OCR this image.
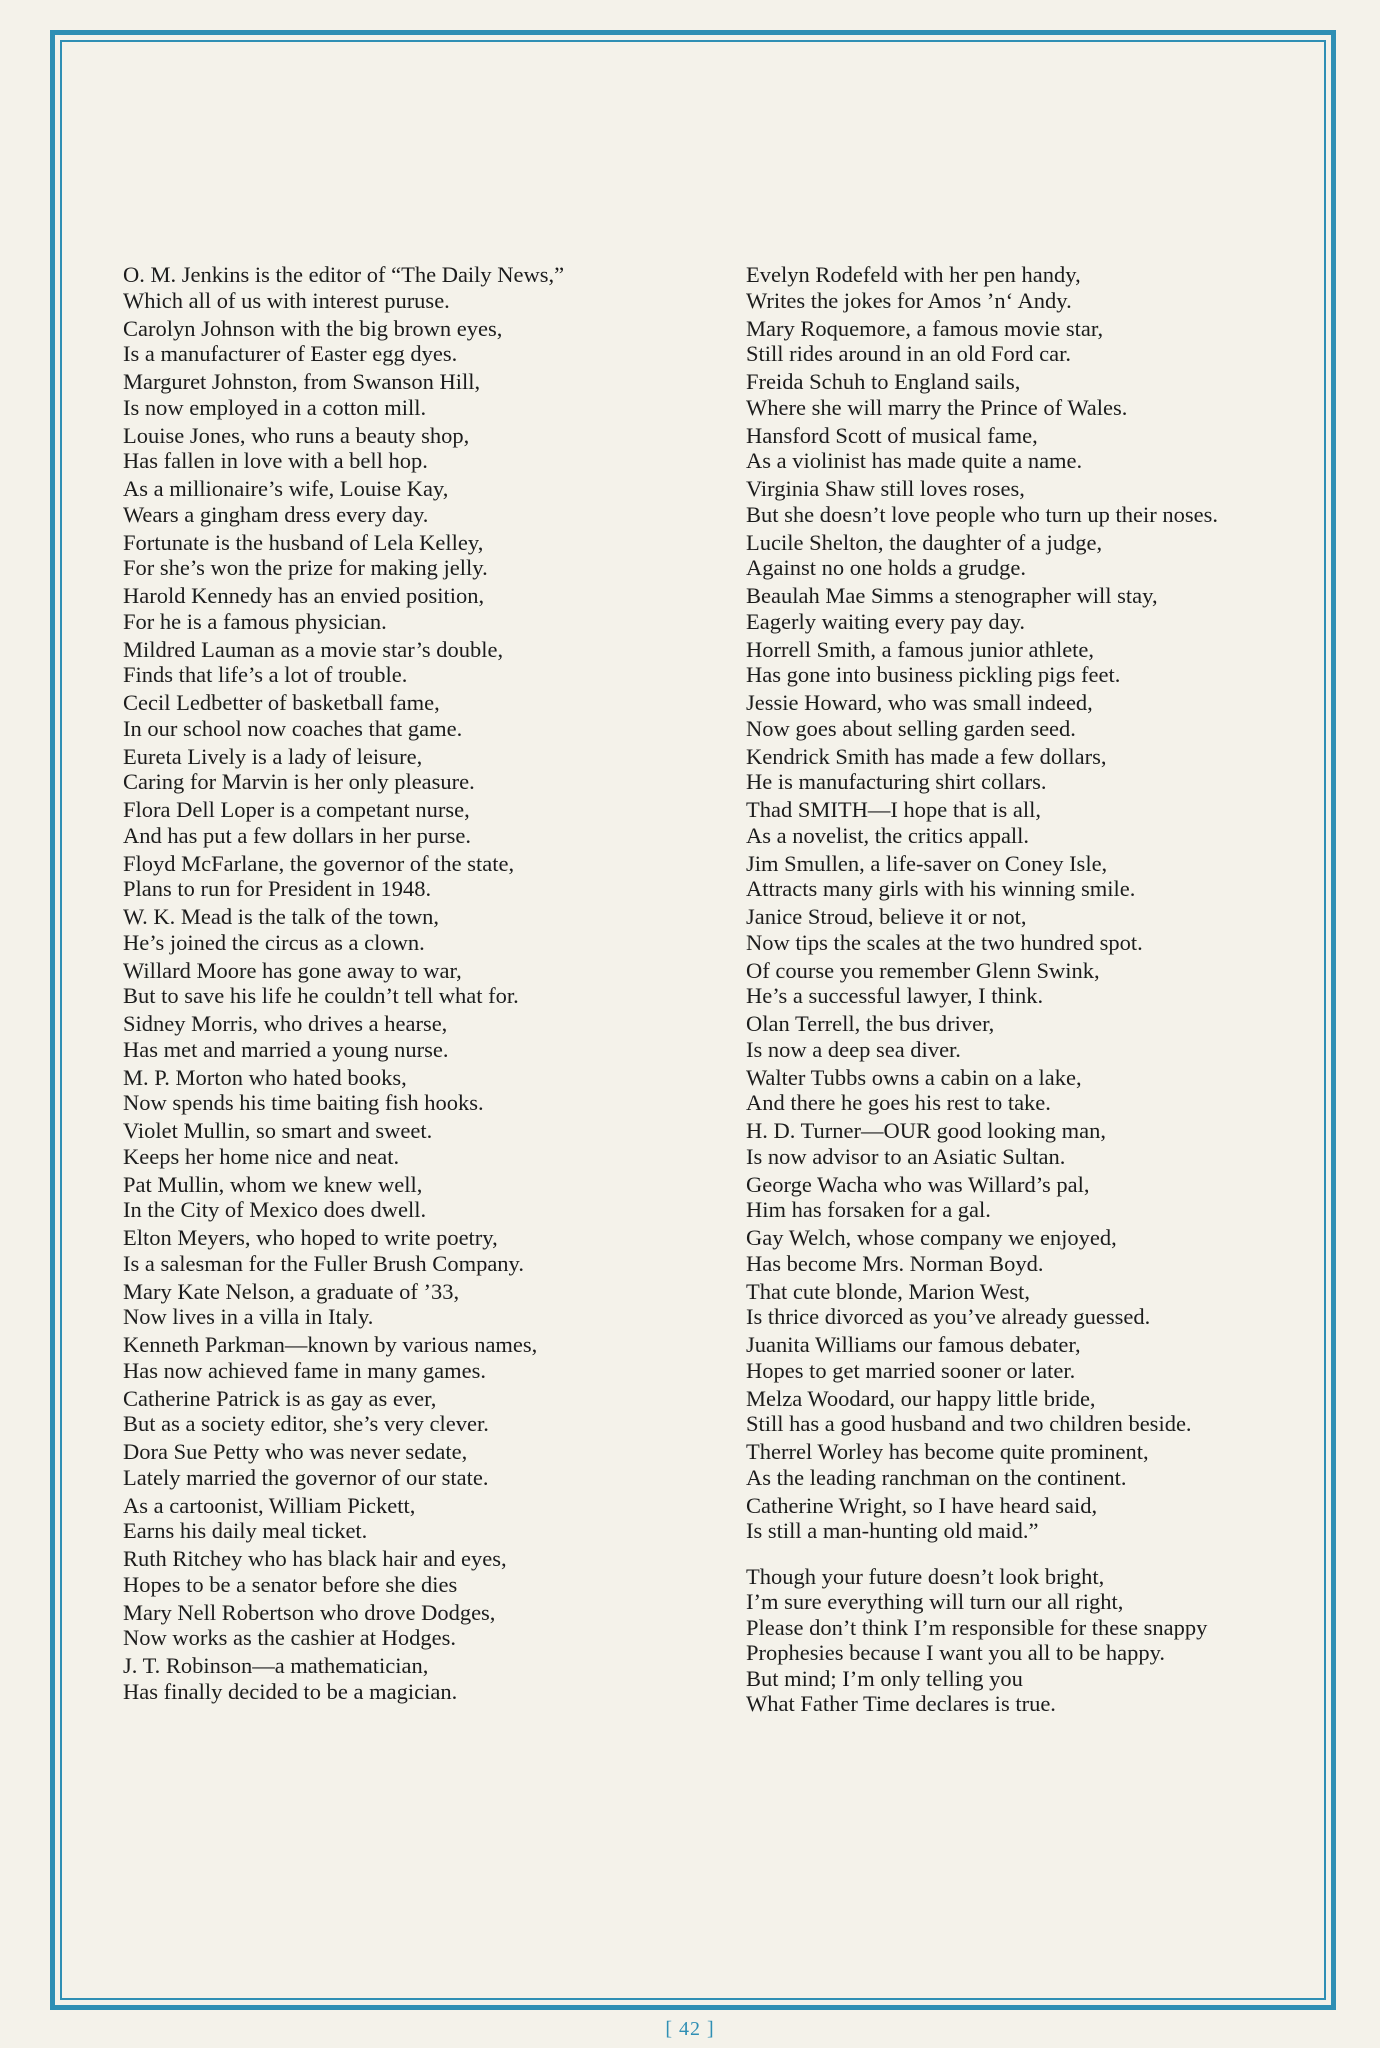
O. M. Jenkins is the editor of “The Daily News,”
Which all of us with interest puruse.
Carolyn Johnson with the big brown eyes,
Is a manufacturer of Easter egg dyes.
Marguret Johnston, from Swanson Hill,
Is now employed in a cotton mill.
Louise Jones, who runs a beauty shop,
Has fallen in love with a bell hop.
As a millionaire’s wife, Louise Kay,
Wears a gingham dress every day.
Fortunate is the husband of Lela Kelley,
For she’s won the prize for making jelly.
Harold Kennedy has an envied position,
For he is a famous physician.
Mildred Lauman as a movie star’s double,
Finds that life’s a lot of trouble.
Cecil Ledbetter of basketball fame,
In our school now coaches that game.
Eureta Lively is a lady of leisure,
Caring for Marvin is her only pleasure.
Flora Dell Loper is a competant nurse,
And has put a few dollars in her purse.
Floyd McFarlane, the governor of the state,
Plans to run for President in 1948.
W. K. Mead is the talk of the town,
He’s joined the circus as a clown.
Willard Moore has gone away to war,
But to save his life he couldn’t tell what for.
Sidney Morris, who drives a hearse,
Has met and married a young nurse.
M. P. Morton who hated books,
Now spends his time baiting fish hooks.
Violet Mullin, so smart and sweet.
Keeps her home nice and neat.
Pat Mullin, whom we knew well,
In the City of Mexico does dwell.
Elton Meyers, who hoped to write poetry,
Is a salesman for the Fuller Brush Company.
Mary Kate Nelson, a graduate of ’33,
Now lives in a villa in Italy.
Kenneth Parkman—known by various names,
Has now achieved fame in many games.
Catherine Patrick is as gay as ever,
But as a society editor, she’s very clever.
Dora Sue Petty who was never sedate,
Lately married the governor of our state.
As a cartoonist, William Pickett,
Earns his daily meal ticket.
Ruth Ritchey who has black hair and eyes,
Hopes to be a senator before she dies
Mary Nell Robertson who drove Dodges,
Now works as the cashier at Hodges.
J. T. Robinson—a mathematician,
Has finally decided to be a magician.
Evelyn Rodefeld with her pen handy,
Writes the jokes for Amos ’n‘ Andy.
Mary Roquemore, a famous movie star,
Still rides around in an old Ford car.
Freida Schuh to England sails,
Where she will marry the Prince of Wales.
Hansford Scott of musical fame,
As a violinist has made quite a name.
Virginia Shaw still loves roses,
But she doesn’t love people who turn up their noses.
Lucile Shelton, the daughter of a judge,
Against no one holds a grudge.
Beaulah Mae Simms a stenographer will stay,
Eagerly waiting every pay day.
Horrell Smith, a famous junior athlete,
Has gone into business pickling pigs feet.
Jessie Howard, who was small indeed,
Now goes about selling garden seed.
Kendrick Smith has made a few dollars,
He is manufacturing shirt collars.
Thad SMITH—I hope that is all,
As a novelist, the critics appall.
Jim Smullen, a life-saver on Coney Isle,
Attracts many girls with his winning smile.
Janice Stroud, believe it or not,
Now tips the scales at the two hundred spot.
Of course you remember Glenn Swink,
He’s a successful lawyer, I think.
Olan Terrell, the bus driver,
Is now a deep sea diver.
Walter Tubbs owns a cabin on a lake,
And there he goes his rest to take.
H. D. Turner—OUR good looking man,
Is now advisor to an Asiatic Sultan.
George Wacha who was Willard’s pal,
Him has forsaken for a gal.
Gay Welch, whose company we enjoyed,
Has become Mrs. Norman Boyd.
That cute blonde, Marion West,
Is thrice divorced as you’ve already guessed.
Juanita Williams our famous debater,
Hopes to get married sooner or later.
Melza Woodard, our happy little bride,
Still has a good husband and two children beside.
Therrel Worley has become quite prominent,
As the leading ranchman on the continent.
Catherine Wright, so I have heard said,
Is still a man-hunting old maid.”
Though your future doesn’t look bright,
I’m sure everything will turn our all right,
Please don’t think I’m responsible for these snappy
Prophesies because I want you all to be happy.
But mind; I’m only telling you
What Father Time declares is true.
[ 42 ]
